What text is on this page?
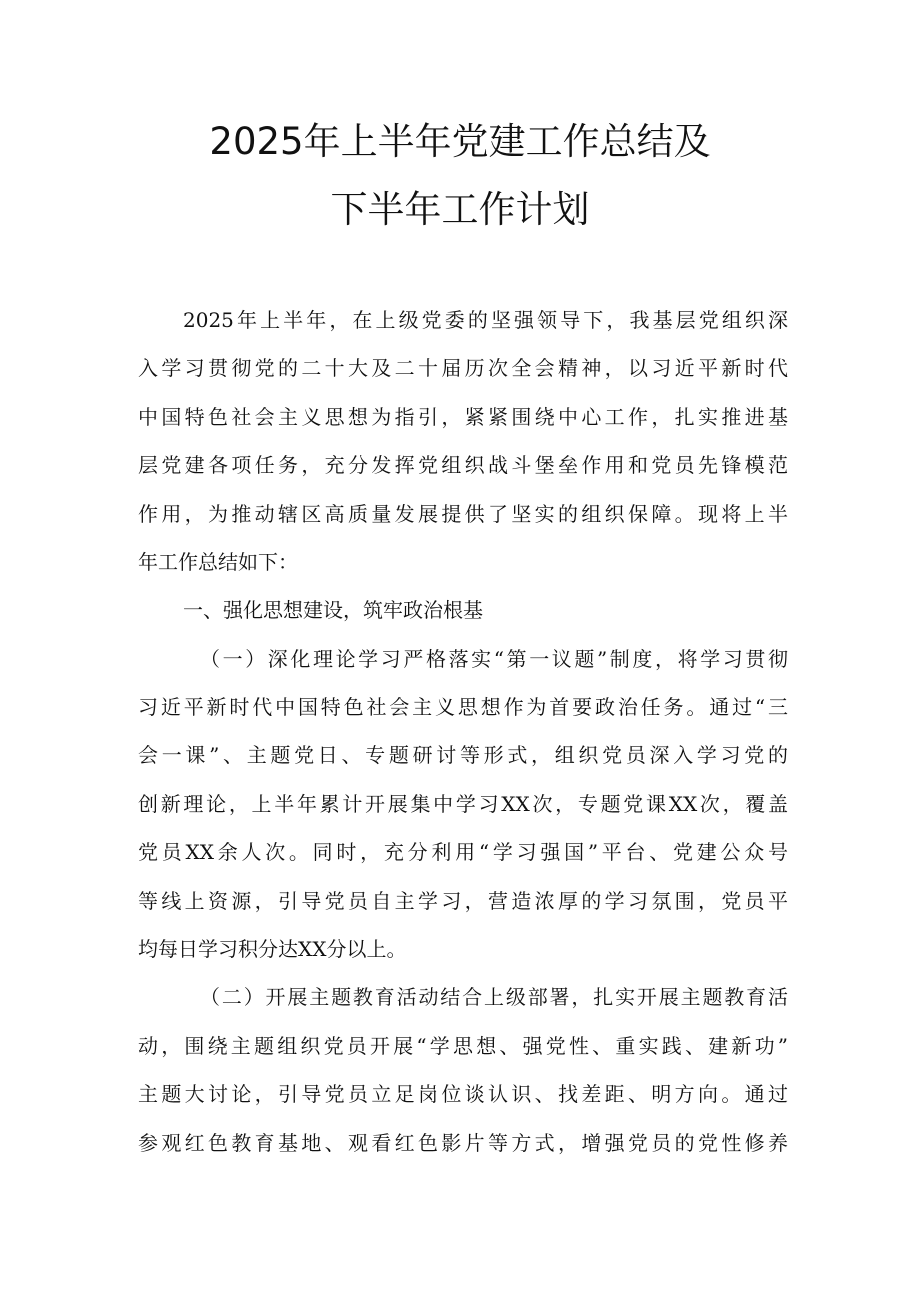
2025年上半年党建工作总结及
下半年工作计划
2025年上半年，在上级党委的坚强领导下，我基层党组织深
入学习贯彻党的二十大及二十届历次全会精神，以习近平新时代
中国特色社会主义思想为指引，紧紧围绕中心工作，扎实推进基
层党建各项任务，充分发挥党组织战斗堡垒作用和党员先锋模范
作用，为推动辖区高质量发展提供了坚实的组织保障。现将上半
年工作总结如下：
一、强化思想建设，筑牢政治根基
（一）深化理论学习严格落实“第一议题”制度，将学习贯彻
习近平新时代中国特色社会主义思想作为首要政治任务。通过“三
会一课”、主题党日、专题研讨等形式，组织党员深入学习党的
创新理论，上半年累计开展集中学习XX次，专题党课XX次，覆盖
党员XX余人次。同时，充分利用“学习强国”平台、党建公众号
等线上资源，引导党员自主学习，营造浓厚的学习氛围，党员平
均每日学习积分达XX分以上。
（二）开展主题教育活动结合上级部署，扎实开展主题教育活
动，围绕主题组织党员开展“学思想、强党性、重实践、建新功”
主题大讨论，引导党员立足岗位谈认识、找差距、明方向。通过
参观红色教育基地、观看红色影片等方式，增强党员的党性修养
